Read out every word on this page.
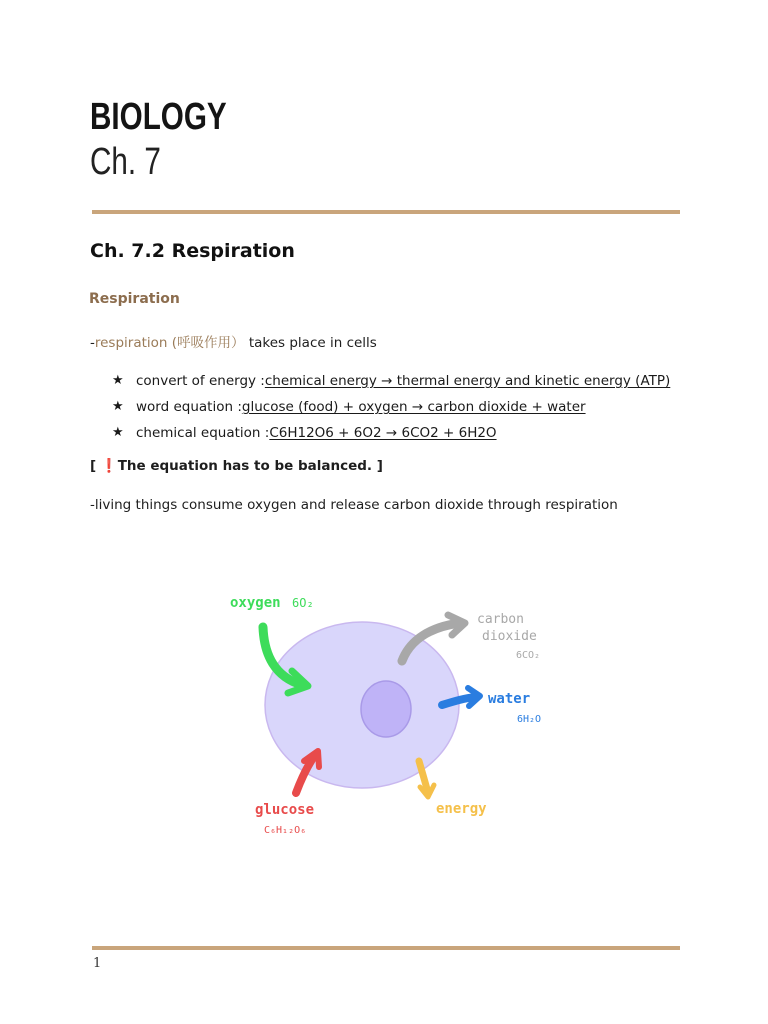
BIOLOGY
Ch. 7
Ch. 7.2 Respiration
Respiration
-respiration (呼吸作用） takes place in cells
★ convert of energy : chemical energy → thermal energy and kinetic energy (ATP)
★ word equation : glucose (food) + oxygen → carbon dioxide + water
★ chemical equation : C6H12O6 + 6O2 → 6CO2 + 6H2O
[ ❗The equation has to be balanced. ]
-living things consume oxygen and release carbon dioxide through respiration
oxygen 6O₂
carbon
dioxide
6CO₂
water
6H₂O
glucose
C₆H₁₂O₆
energy
1
